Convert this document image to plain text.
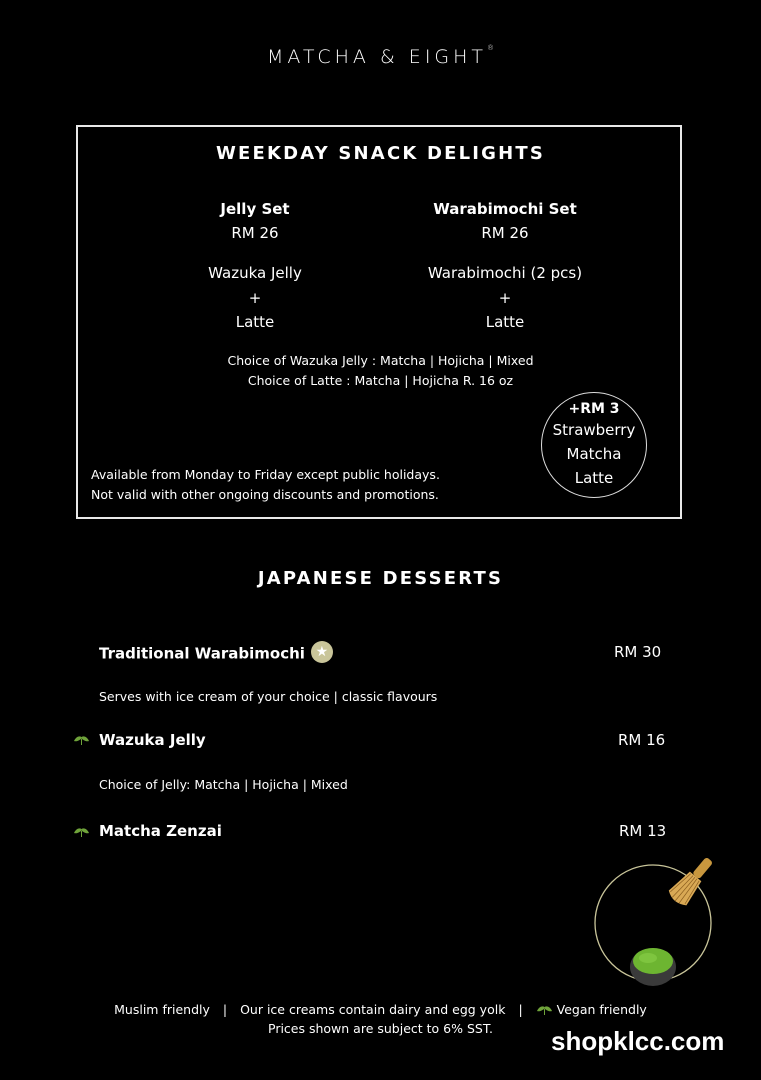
MATCHA & EIGHT®
WEEKDAY SNACK DELIGHTS
Jelly Set
RM 26
Wazuka Jelly
+
Latte
Warabimochi Set
RM 26
Warabimochi (2 pcs)
+
Latte
Choice of Wazuka Jelly : Matcha | Hojicha | Mixed
Choice of Latte : Matcha | Hojicha R. 16 oz
Available from Monday to Friday except public holidays.
Not valid with other ongoing discounts and promotions.
+RM 3
Strawberry
Matcha
Latte
JAPANESE DESSERTS
Traditional Warabimochi ★	RM 30
Serves with ice cream of your choice | classic flavours
Wazuka Jelly	RM 16
Choice of Jelly: Matcha | Hojicha | Mixed
Matcha Zenzai	RM 13
Muslim friendly | Our ice creams contain dairy and egg yolk |	Vegan friendly
Prices shown are subject to 6% SST.	shopklcc.com
